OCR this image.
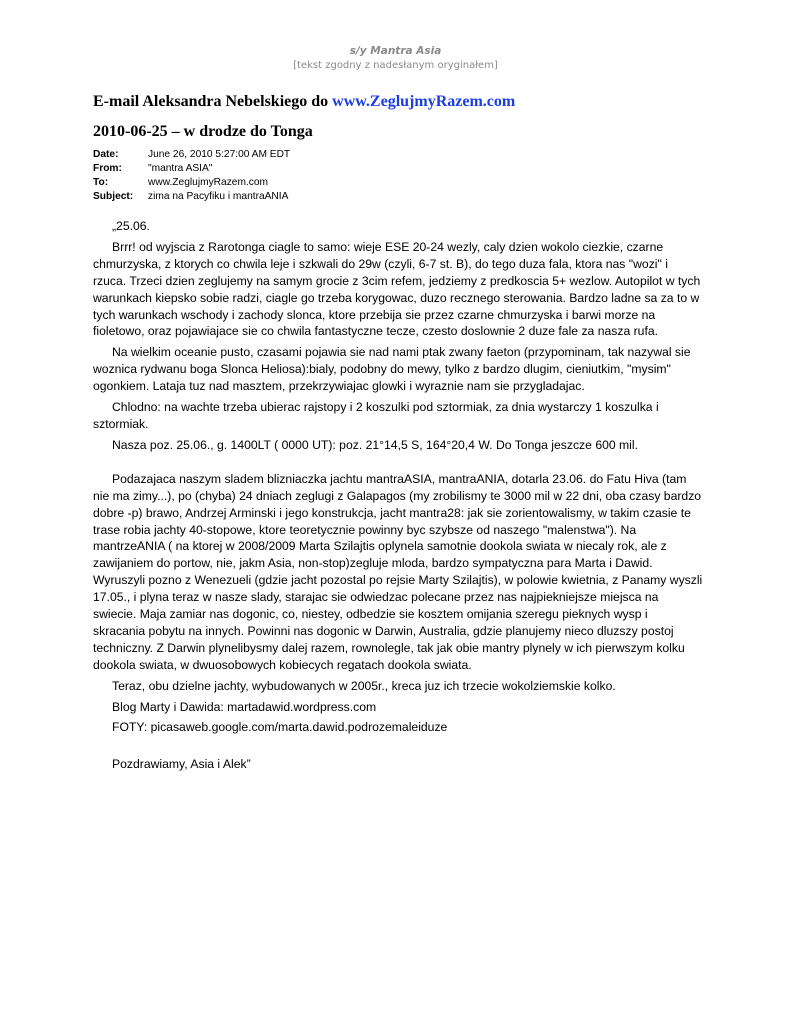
s/y Mantra Asia
[tekst zgodny z nadesłanym oryginałem]
E-mail Aleksandra Nebelskiego do www.ZeglujmyRazem.com
2010-06-25 – w drodze do Tonga
Date:	June 26, 2010 5:27:00 AM EDT
From:	"mantra ASIA"
To:	www.ZeglujmyRazem.com
Subject:	zima na Pacyfiku i mantraANIA

„25.06.

Brrr! od wyjscia z Rarotonga ciagle to samo: wieje ESE 20-24 wezly, caly dzien wokolo ciezkie, czarne chmurzyska, z ktorych co chwila leje i szkwali do 29w (czyli, 6-7 st. B), do tego duza fala, ktora nas "wozi" i rzuca. Trzeci dzien zeglujemy na samym grocie z 3cim refem, jedziemy z predkoscia 5+ wezlow. Autopilot w tych warunkach kiepsko sobie radzi, ciagle go trzeba korygowac, duzo recznego sterowania. Bardzo ladne sa za to w tych warunkach wschody i zachody slonca, ktore przebija sie przez czarne chmurzyska i barwi morze na fioletowo, oraz pojawiajace sie co chwila fantastyczne tecze, czesto doslownie 2 duze fale za nasza rufa.

Na wielkim oceanie pusto, czasami pojawia sie nad nami ptak zwany faeton (przypominam, tak nazywal sie woznica rydwanu boga Slonca Heliosa):bialy, podobny do mewy, tylko z bardzo dlugim, cieniutkim, "mysim" ogonkiem. Lataja tuz nad masztem, przekrzywiajac glowki i wyraznie nam sie przygladajac.

Chlodno: na wachte trzeba ubierac rajstopy i 2 koszulki pod sztormiak, za dnia wystarczy 1 koszulka i sztormiak.

Nasza poz. 25.06., g. 1400LT ( 0000 UT): poz. 21°14,5 S, 164°20,4 W. Do Tonga jeszcze 600 mil.

Podazajaca naszym sladem blizniaczka jachtu mantraASIA, mantraANIA, dotarla 23.06. do Fatu Hiva (tam nie ma zimy...), po (chyba) 24 dniach zeglugi z Galapagos (my zrobilismy te 3000 mil w 22 dni, oba czasy bardzo dobre -p) brawo, Andrzej Arminski i jego konstrukcja, jacht mantra28: jak sie zorientowalismy, w takim czasie te trase robia jachty 40-stopowe, ktore teoretycznie powinny byc szybsze od naszego "malenstwa"). Na mantrzeANIA ( na ktorej w 2008/2009 Marta Szilajtis oplynela samotnie dookola swiata w niecaly rok, ale z zawijaniem do portow, nie, jakm Asia, non-stop)zegluje mloda, bardzo sympatyczna para Marta i Dawid. Wyruszyli pozno z Wenezueli (gdzie jacht pozostal po rejsie Marty Szilajtis), w polowie kwietnia, z Panamy wyszli 17.05., i plyna teraz w nasze slady, starajac sie odwiedzac polecane przez nas najpiekniejsze miejsca na swiecie. Maja zamiar nas dogonic, co, niestey, odbedzie sie kosztem omijania szeregu pieknych wysp i skracania pobytu na innych. Powinni nas dogonic w Darwin, Australia, gdzie planujemy nieco dluzszy postoj techniczny. Z Darwin plynelibysmy dalej razem, rownolegle, tak jak obie mantry plynely w ich pierwszym kolku dookola swiata, w dwuosobowych kobiecych regatach dookola swiata.

Teraz, obu dzielne jachty, wybudowanych w 2005r., kreca juz ich trzecie wokolziemskie kolko.

Blog Marty i Dawida: martadawid.wordpress.com

FOTY: picasaweb.google.com/marta.dawid.podrozemaleiduze

Pozdrawiamy, Asia i Alek”
